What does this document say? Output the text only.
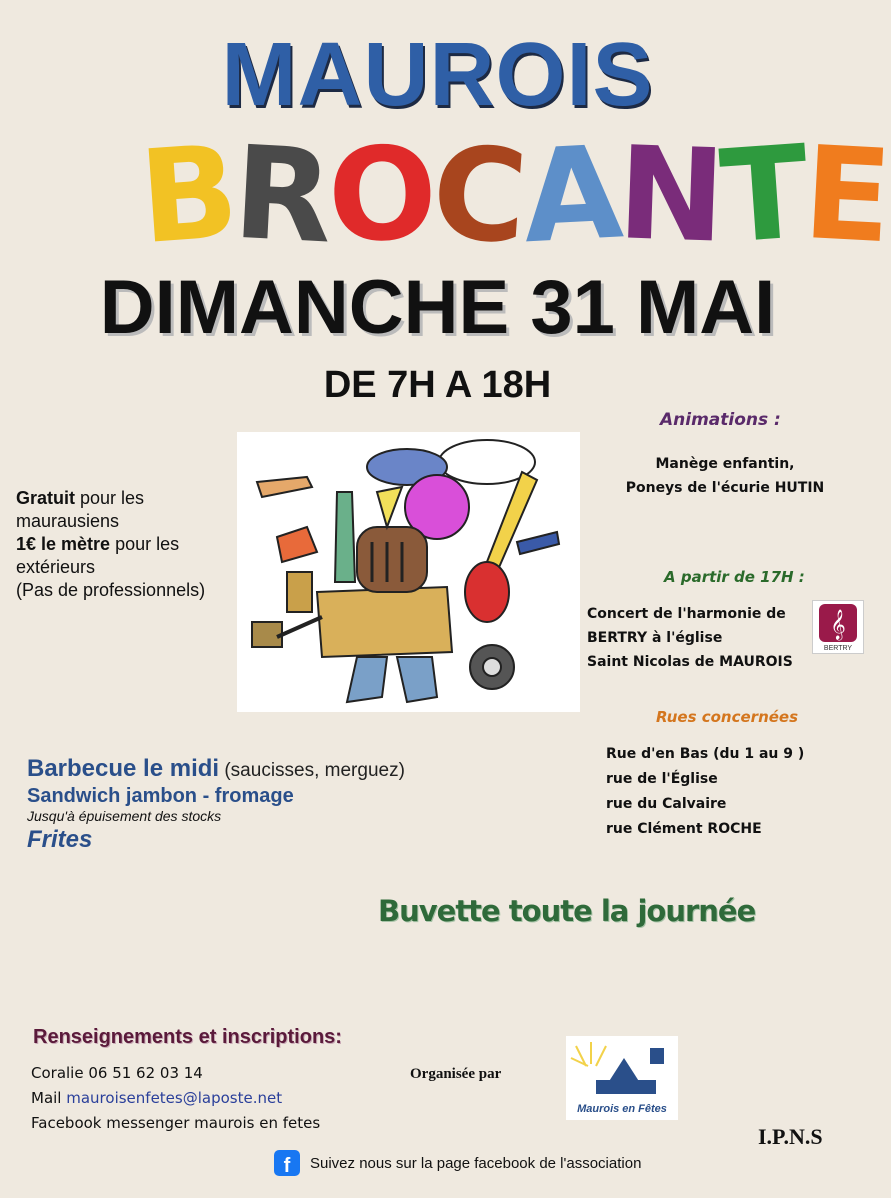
MAUROIS
B
R
O
C
A
N
T
E
DIMANCHE 31 MAI
DE 7H A 18H
Gratuit pour les
maurausiens
1€ le mètre pour les
extérieurs
(Pas de professionnels)
Animations :
Manège enfantin,
Poneys de l'écurie HUTIN
A partir de 17H :
Concert de l'harmonie de
BERTRY à l'église
Saint Nicolas de MAUROIS
𝄞
BERTRY
Rues concernées
Rue d'en Bas (du 1 au 9 )
rue de l'Église
rue du Calvaire
rue Clément ROCHE
Barbecue le midi (saucisses, merguez)
Sandwich jambon - fromage
Jusqu'à épuisement des stocks
Frites
Buvette toute la journée
Renseignements et inscriptions:
Coralie 06 51 62 03 14
Mail mauroisenfetes@laposte.net
Facebook messenger maurois en fetes
Organisée par
Maurois en Fêtes
I.P.N.S
f	Suivez nous sur la page facebook de l'association
